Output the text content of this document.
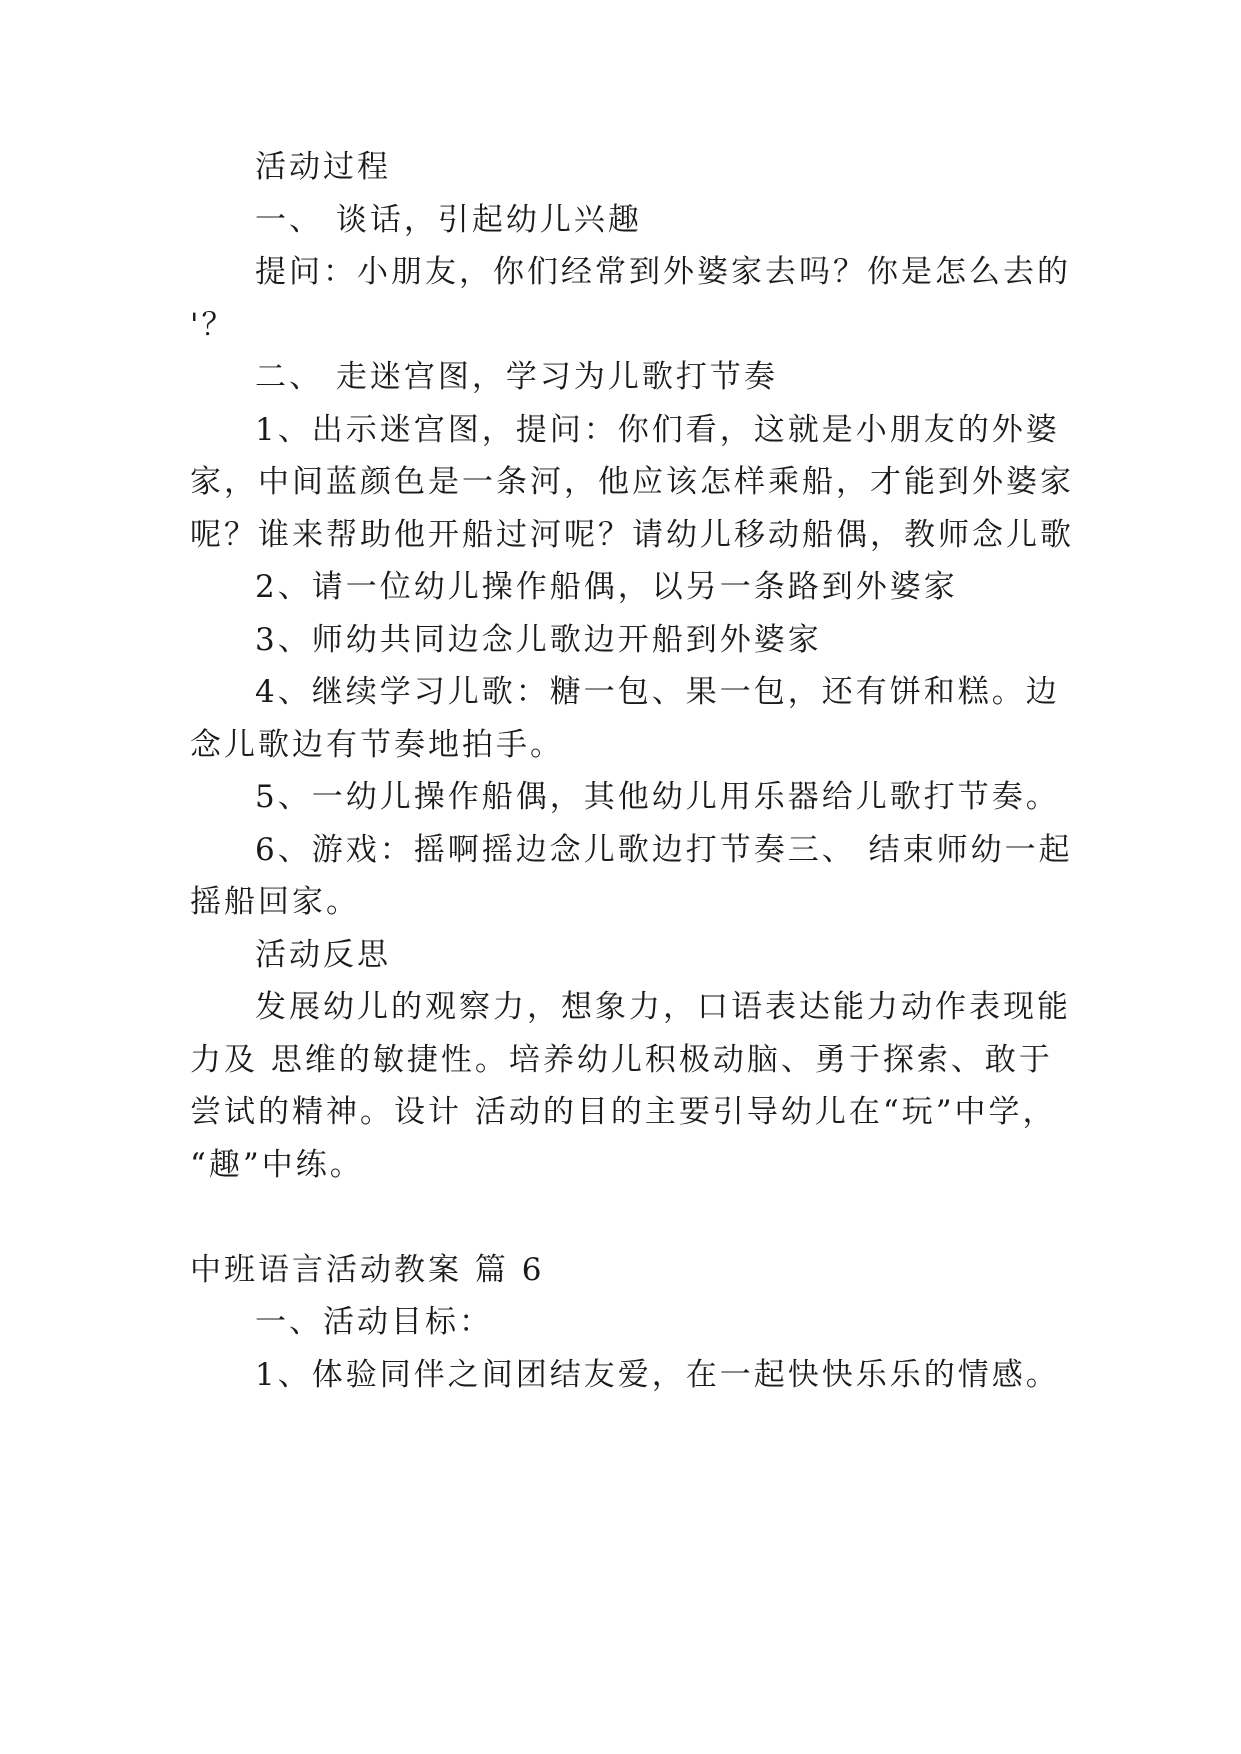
活动过程
一、 谈话，引起幼儿兴趣
提问：小朋友，你们经常到外婆家去吗？你是怎么去的
'？
二、 走迷宫图，学习为儿歌打节奏
1、出示迷宫图，提问：你们看，这就是小朋友的外婆
家，中间蓝颜色是一条河，他应该怎样乘船，才能到外婆家
呢？谁来帮助他开船过河呢？请幼儿移动船偶，教师念儿歌
2、请一位幼儿操作船偶，以另一条路到外婆家
3、师幼共同边念儿歌边开船到外婆家
4、继续学习儿歌：糖一包、果一包，还有饼和糕。边
念儿歌边有节奏地拍手。
5、一幼儿操作船偶，其他幼儿用乐器给儿歌打节奏。
6、游戏：摇啊摇边念儿歌边打节奏三、 结束师幼一起
摇船回家。
活动反思
发展幼儿的观察力，想象力，口语表达能力动作表现能
力及 思维的敏捷性。培养幼儿积极动脑、勇于探索、敢于
尝试的精神。设计 活动的目的主要引导幼儿在“玩”中学，
“趣”中练。
中班语言活动教案 篇 6
一、活动目标：
1、体验同伴之间团结友爱，在一起快快乐乐的情感。
